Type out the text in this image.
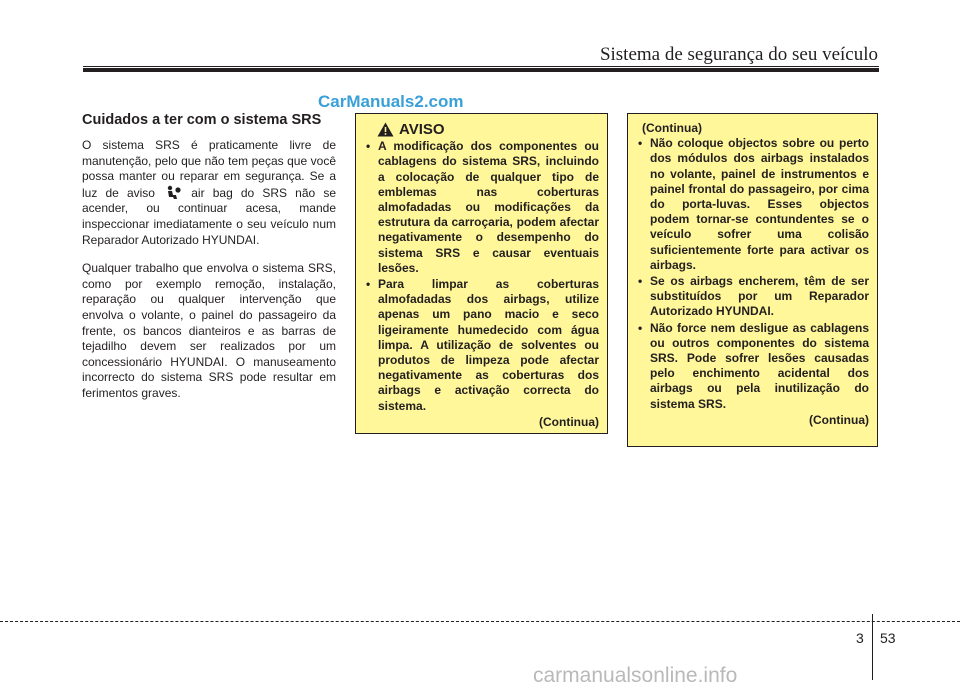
Sistema de segurança do seu veículo
CarManuals2.com
Cuidados a ter com o sistema SRS

O sistema SRS é praticamente livre de manutenção, pelo que não tem peças que você possa manter ou reparar em segurança. Se a luz de aviso	air bag do SRS não se acender, ou continuar acesa, mande inspeccionar imediatamente o seu veículo num Reparador Autorizado HYUNDAI.

Qualquer trabalho que envolva o sistema SRS, como por exemplo remoção, instalação, reparação ou qualquer intervenção que envolva o volante, o painel do passageiro da frente, os bancos dianteiros e as barras de tejadilho devem ser realizados por um concessionário HYUNDAI. O manuseamento incorrecto do sistema SRS pode resultar em ferimentos graves.

AVISO
• A modificação dos componentes ou cablagens do sistema SRS, incluindo a colocação de qualquer tipo de emblemas nas coberturas almofadadas ou modificações da estrutura da carroçaria, podem afectar negativamente o desempenho do sistema SRS e causar eventuais lesões.
• Para limpar as coberturas almofadadas dos airbags, utilize apenas um pano macio e seco ligeiramente humedecido com água limpa. A utilização de solventes ou produtos de limpeza pode afectar negativamente as coberturas dos airbags e activação correcta do sistema.
(Continua)
(Continua)
• Não coloque objectos sobre ou perto dos módulos dos airbags instalados no volante, painel de instrumentos e painel frontal do passageiro, por cima do porta-luvas. Esses objectos podem tornar-se contundentes se o veículo sofrer uma colisão suficientemente forte para activar os airbags.
• Se os airbags encherem, têm de ser substituídos por um Reparador Autorizado HYUNDAI.
• Não force nem desligue as cablagens ou outros componentes do sistema SRS. Pode sofrer lesões causadas pelo enchimento acidental dos airbags ou pela inutilização do sistema SRS.
(Continua)
3 53
carmanualsonline.info
